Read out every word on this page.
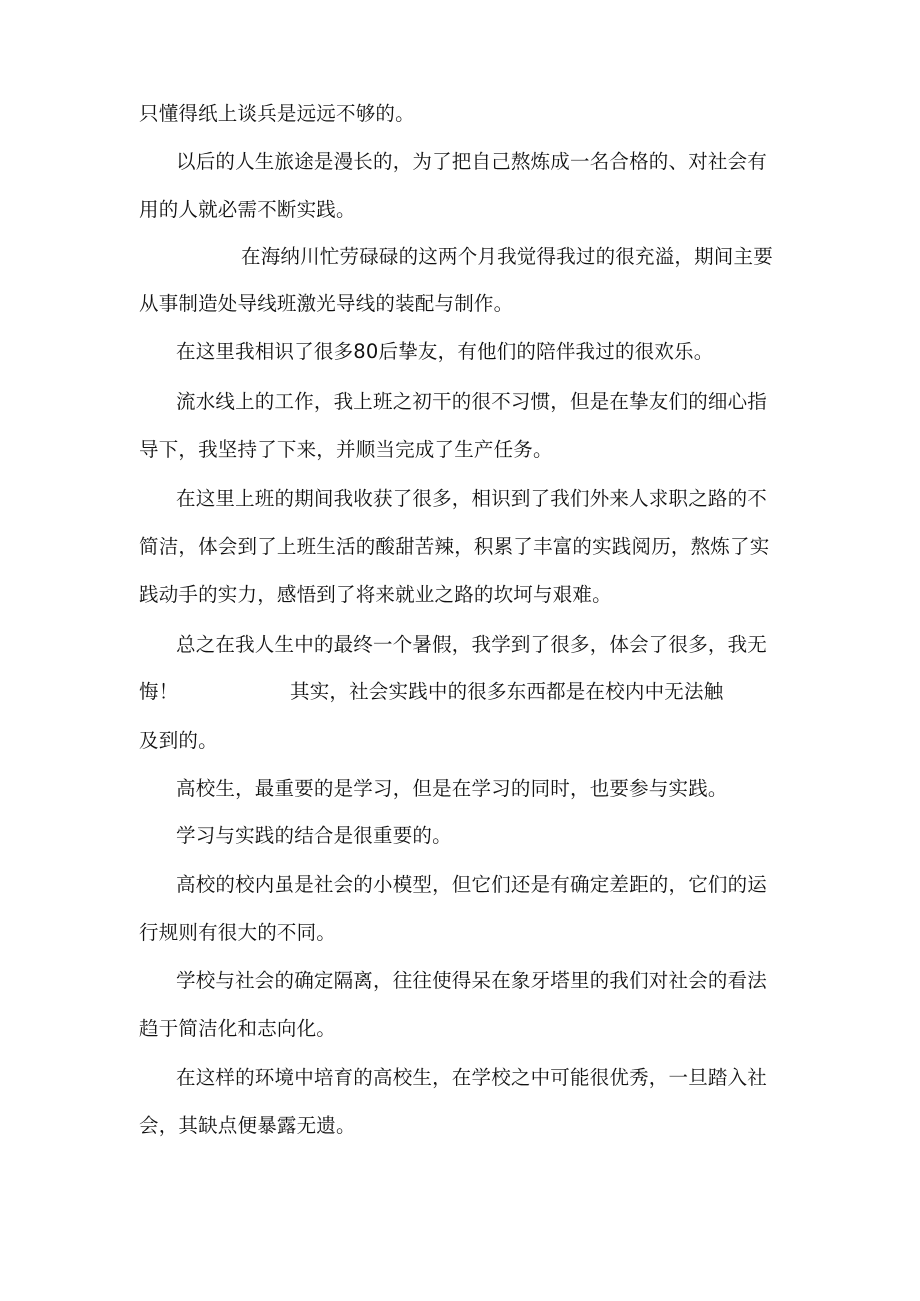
只懂得纸上谈兵是远远不够的。
以后的人生旅途是漫长的，为了把自己熬炼成一名合格的、对社会有
用的人就必需不断实践。
在海纳川忙劳碌碌的这两个月我觉得我过的很充溢，期间主要
从事制造处导线班激光导线的装配与制作。
在这里我相识了很多80后挚友，有他们的陪伴我过的很欢乐。
流水线上的工作，我上班之初干的很不习惯，但是在挚友们的细心指
导下，我坚持了下来，并顺当完成了生产任务。
在这里上班的期间我收获了很多，相识到了我们外来人求职之路的不
简洁，体会到了上班生活的酸甜苦辣，积累了丰富的实践阅历，熬炼了实
践动手的实力，感悟到了将来就业之路的坎坷与艰难。
总之在我人生中的最终一个暑假，我学到了很多，体会了很多，我无
悔！	其实，社会实践中的很多东西都是在校内中无法触
及到的。
高校生，最重要的是学习，但是在学习的同时，也要参与实践。
学习与实践的结合是很重要的。
高校的校内虽是社会的小模型，但它们还是有确定差距的，它们的运
行规则有很大的不同。
学校与社会的确定隔离，往往使得呆在象牙塔里的我们对社会的看法
趋于简洁化和志向化。
在这样的环境中培育的高校生，在学校之中可能很优秀，一旦踏入社
会，其缺点便暴露无遗。
